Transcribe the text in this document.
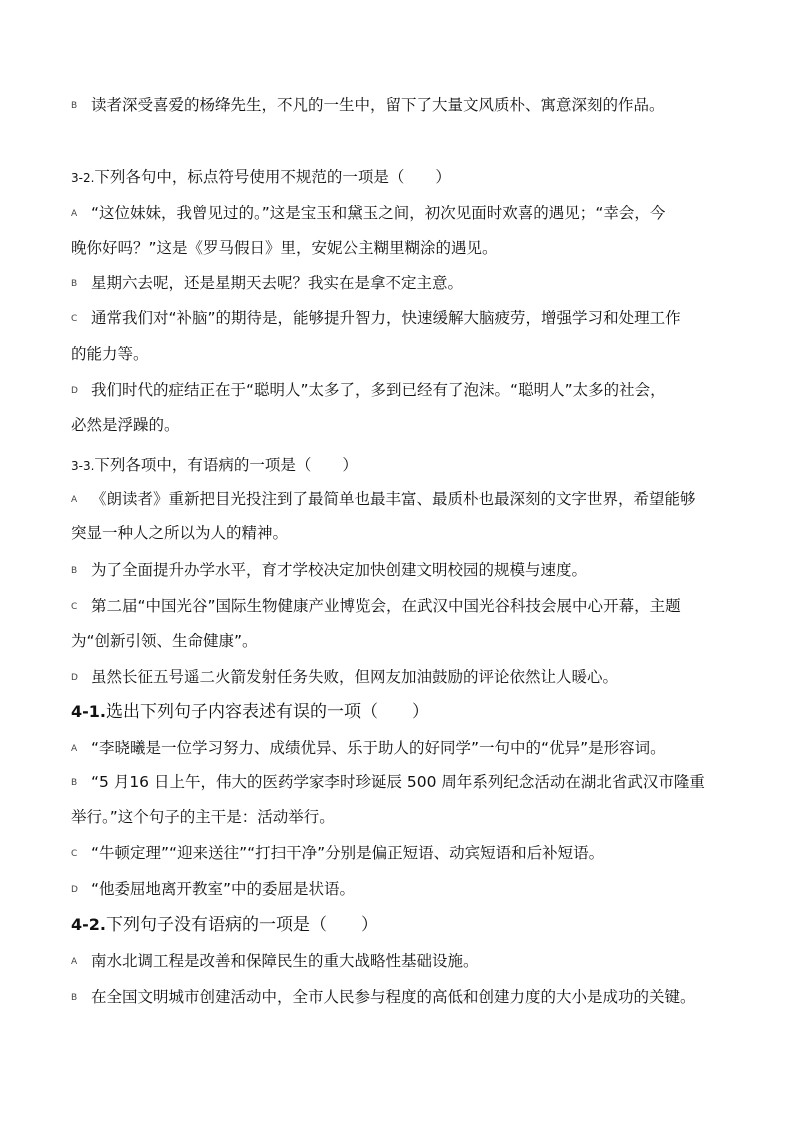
B 读者深受喜爱的杨绛先生，不凡的一生中，留下了大量文风质朴、寓意深刻的作品。
3-2.下列各句中，标点符号使用不规范的一项是（　　）
A “这位妹妹，我曾见过的。”这是宝玉和黛玉之间，初次见面时欢喜的遇见；“幸会，今
晚你好吗？”这是《罗马假日》里，安妮公主糊里糊涂的遇见。
B 星期六去呢，还是星期天去呢？我实在是拿不定主意。
C 通常我们对“补脑”的期待是，能够提升智力，快速缓解大脑疲劳，增强学习和处理工作
的能力等。
D 我们时代的症结正在于“聪明人”太多了，多到已经有了泡沫。“聪明人”太多的社会，
必然是浮躁的。
3-3.下列各项中，有语病的一项是（　　）
A 《朗读者》重新把目光投注到了最简单也最丰富、最质朴也最深刻的文字世界，希望能够
突显一种人之所以为人的精神。
B 为了全面提升办学水平，育才学校决定加快创建文明校园的规模与速度。
C 第二届“中国光谷”国际生物健康产业博览会，在武汉中国光谷科技会展中心开幕，主题
为“创新引领、生命健康”。
D 虽然长征五号遥二火箭发射任务失败，但网友加油鼓励的评论依然让人暖心。
4-1.选出下列句子内容表述有误的一项（　　）
A “李晓曦是一位学习努力、成绩优异、乐于助人的好同学”一句中的“优异”是形容词。
B “5 月16 日上午，伟大的医药学家李时珍诞辰 500 周年系列纪念活动在湖北省武汉市隆重
举行。”这个句子的主干是：活动举行。
C “牛顿定理”“迎来送往”“打扫干净”分别是偏正短语、动宾短语和后补短语。
D “他委屈地离开教室”中的委屈是状语。
4-2.下列句子没有语病的一项是（　　）
A 南水北调工程是改善和保障民生的重大战略性基础设施。
B 在全国文明城市创建活动中，全市人民参与程度的高低和创建力度的大小是成功的关键。
